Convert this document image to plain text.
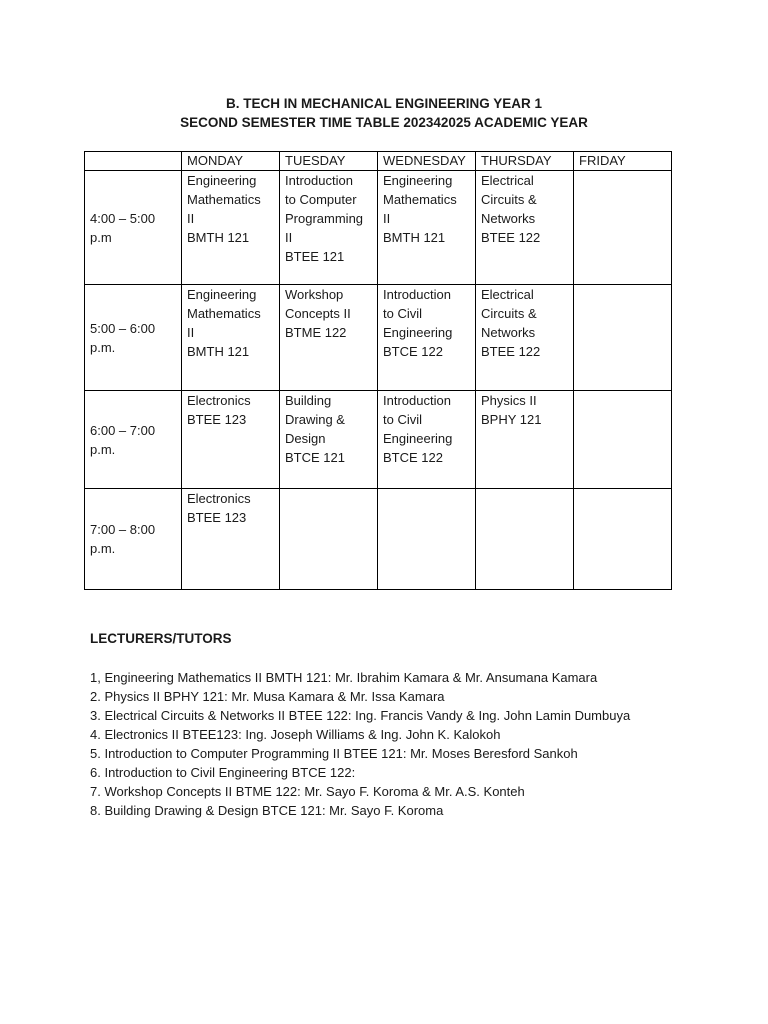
B. TECH IN MECHANICAL ENGINEERING YEAR 1
SECOND SEMESTER TIME TABLE 202342025 ACADEMIC YEAR
	MONDAY	TUESDAY	WEDNESDAY	THURSDAY	FRIDAY

4:00 – 5:00
p.m	Engineering
Mathematics
II
BMTH 121	Introduction
to Computer
Programming
II
BTEE 121	Engineering
Mathematics
II
BMTH 121	Electrical
Circuits &
Networks
BTEE 122	

5:00 – 6:00
p.m.	Engineering
Mathematics
II
BMTH 121	Workshop
Concepts II
BTME 122	Introduction
to Civil
Engineering
BTCE 122	Electrical
Circuits &
Networks
BTEE 122	

6:00 – 7:00
p.m.	Electronics
BTEE 123	Building
Drawing &
Design
BTCE 121	Introduction
to Civil
Engineering
BTCE 122	Physics II
BPHY 121	

7:00 – 8:00
p.m.	Electronics
BTEE 123				

LECTURERS/TUTORS
1, Engineering Mathematics II BMTH 121: Mr. Ibrahim Kamara & Mr. Ansumana Kamara
2. Physics II BPHY 121: Mr. Musa Kamara & Mr. Issa Kamara
3. Electrical Circuits & Networks II BTEE 122: Ing. Francis Vandy & Ing. John Lamin Dumbuya
4. Electronics II BTEE123: Ing. Joseph Williams & Ing. John K. Kalokoh
5. Introduction to Computer Programming II BTEE 121: Mr. Moses Beresford Sankoh
6. Introduction to Civil Engineering BTCE 122:
7. Workshop Concepts II BTME 122: Mr. Sayo F. Koroma & Mr. A.S. Konteh
8. Building Drawing & Design BTCE 121: Mr. Sayo F. Koroma
